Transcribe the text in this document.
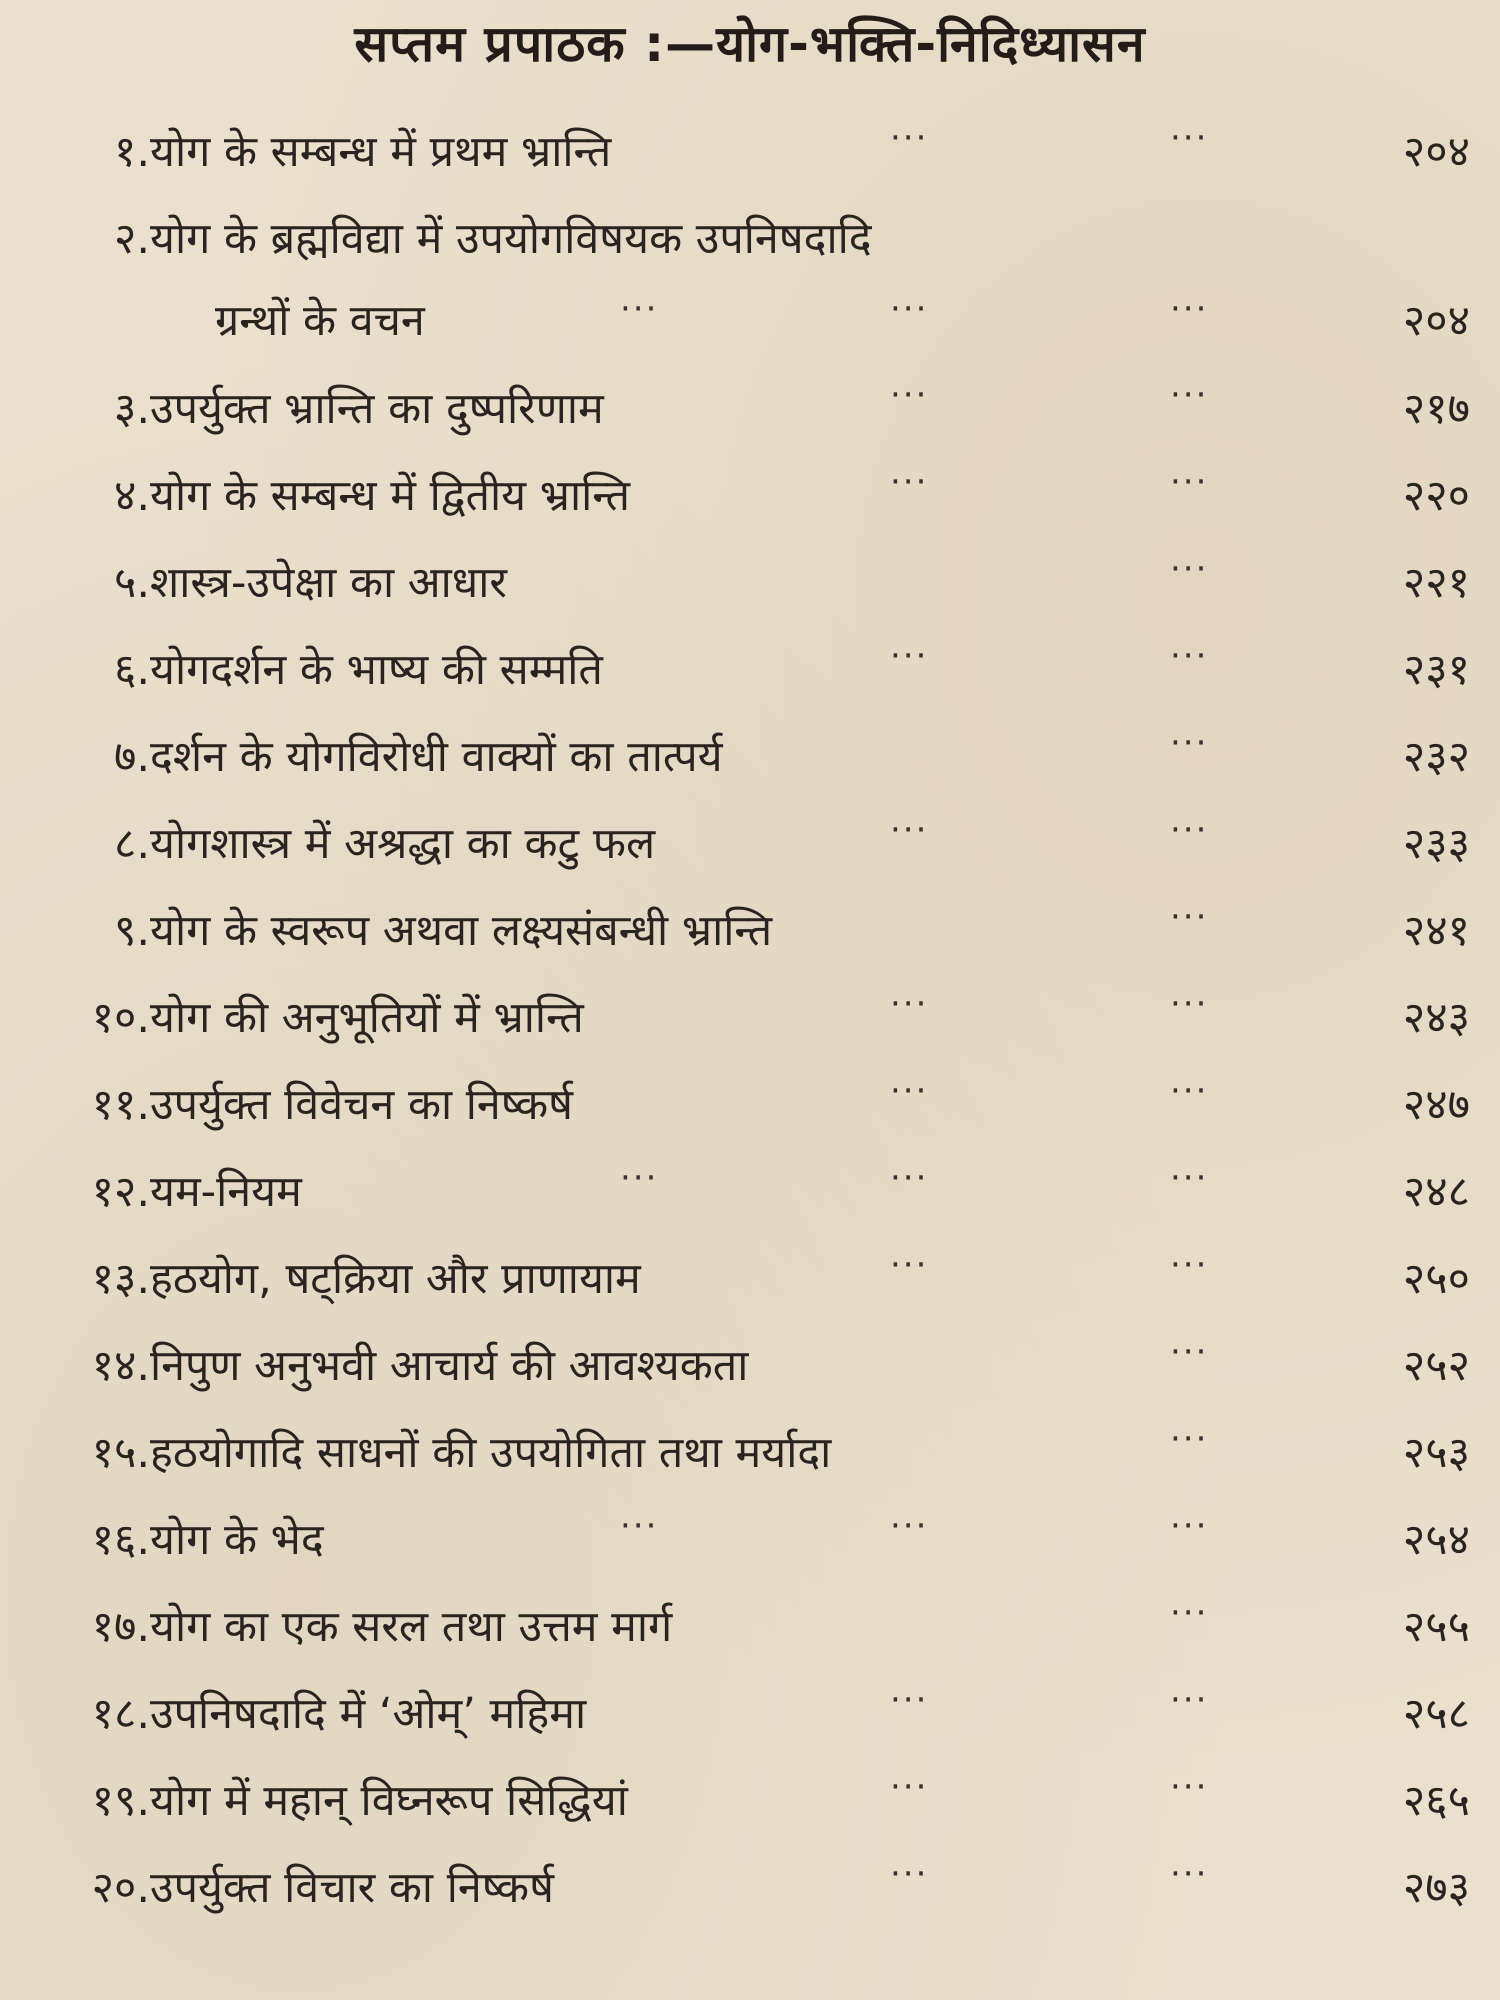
सप्तम प्रपाठक :—योग-भक्ति-निदिध्यासन
१. योग के सम्बन्ध में प्रथम भ्रान्ति	···	···	२०४
२. योग के ब्रह्मविद्या में उपयोगविषयक उपनिषदादि
ग्रन्थों के वचन	···	···	···	२०४
३. उपर्युक्त भ्रान्ति का दुष्परिणाम	···	···	२१७
४. योग के सम्बन्ध में द्वितीय भ्रान्ति	···	···	२२०
५. शास्त्र-उपेक्षा का आधार	···	२२१
६. योगदर्शन के भाष्य की सम्मति	···	···	२३१
७. दर्शन के योगविरोधी वाक्यों का तात्पर्य	···	२३२
८. योगशास्त्र में अश्रद्धा का कटु फल	···	···	२३३
९. योग के स्वरूप अथवा लक्ष्यसंबन्धी भ्रान्ति	···	२४१
१०. योग की अनुभूतियों में भ्रान्ति	···	···	२४३
११. उपर्युक्त विवेचन का निष्कर्ष	···	···	२४७
१२. यम-नियम	···	···	···	२४८
१३. हठयोग, षट्क्रिया और प्राणायाम	···	···	२५०
१४. निपुण अनुभवी आचार्य की आवश्यकता	···	२५२
१५. हठयोगादि साधनों की उपयोगिता तथा मर्यादा	···	२५३
१६. योग के भेद	···	···	···	२५४
१७. योग का एक सरल तथा उत्तम मार्ग	···	२५५
१८. उपनिषदादि में ‘ओम्’ महिमा	···	···	२५८
१९. योग में महान् विघ्नरूप सिद्धियां	···	···	२६५
२०. उपर्युक्त विचार का निष्कर्ष	···	···	२७३
